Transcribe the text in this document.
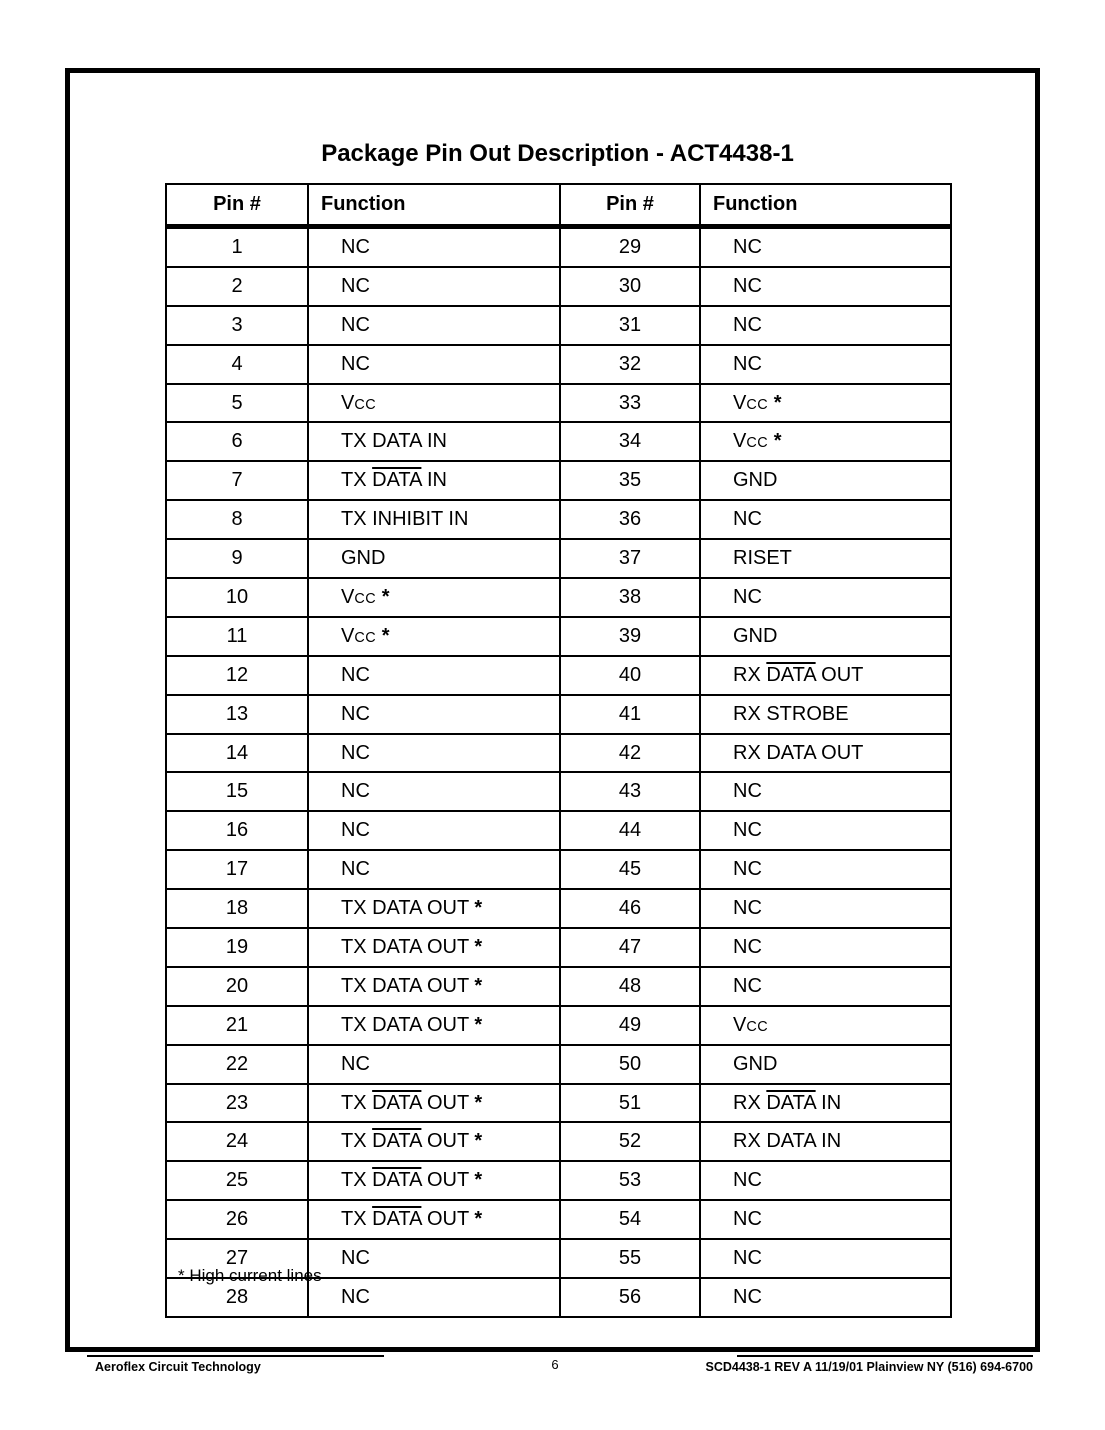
Package Pin Out Description - ACT4438-1
Pin #	Function	Pin #	Function
1	NC	29	NC
2	NC	30	NC
3	NC	31	NC
4	NC	32	NC
5	VCC	33	VCC *
6	TX DATA IN	34	VCC *
7	TX DATA IN	35	GND
8	TX INHIBIT IN	36	NC
9	GND	37	RISET
10	VCC *	38	NC
11	VCC *	39	GND
12	NC	40	RX DATA OUT
13	NC	41	RX STROBE
14	NC	42	RX DATA OUT
15	NC	43	NC
16	NC	44	NC
17	NC	45	NC
18	TX DATA OUT *	46	NC
19	TX DATA OUT *	47	NC
20	TX DATA OUT *	48	NC
21	TX DATA OUT *	49	VCC
22	NC	50	GND
23	TX DATA OUT *	51	RX DATA IN
24	TX DATA OUT *	52	RX DATA IN
25	TX DATA OUT *	53	NC
26	TX DATA OUT *	54	NC
27	NC	55	NC
28	NC	56	NC
* High current lines
Aeroflex Circuit Technology	6	SCD4438-1 REV A 11/19/01 Plainview NY (516) 694-6700
